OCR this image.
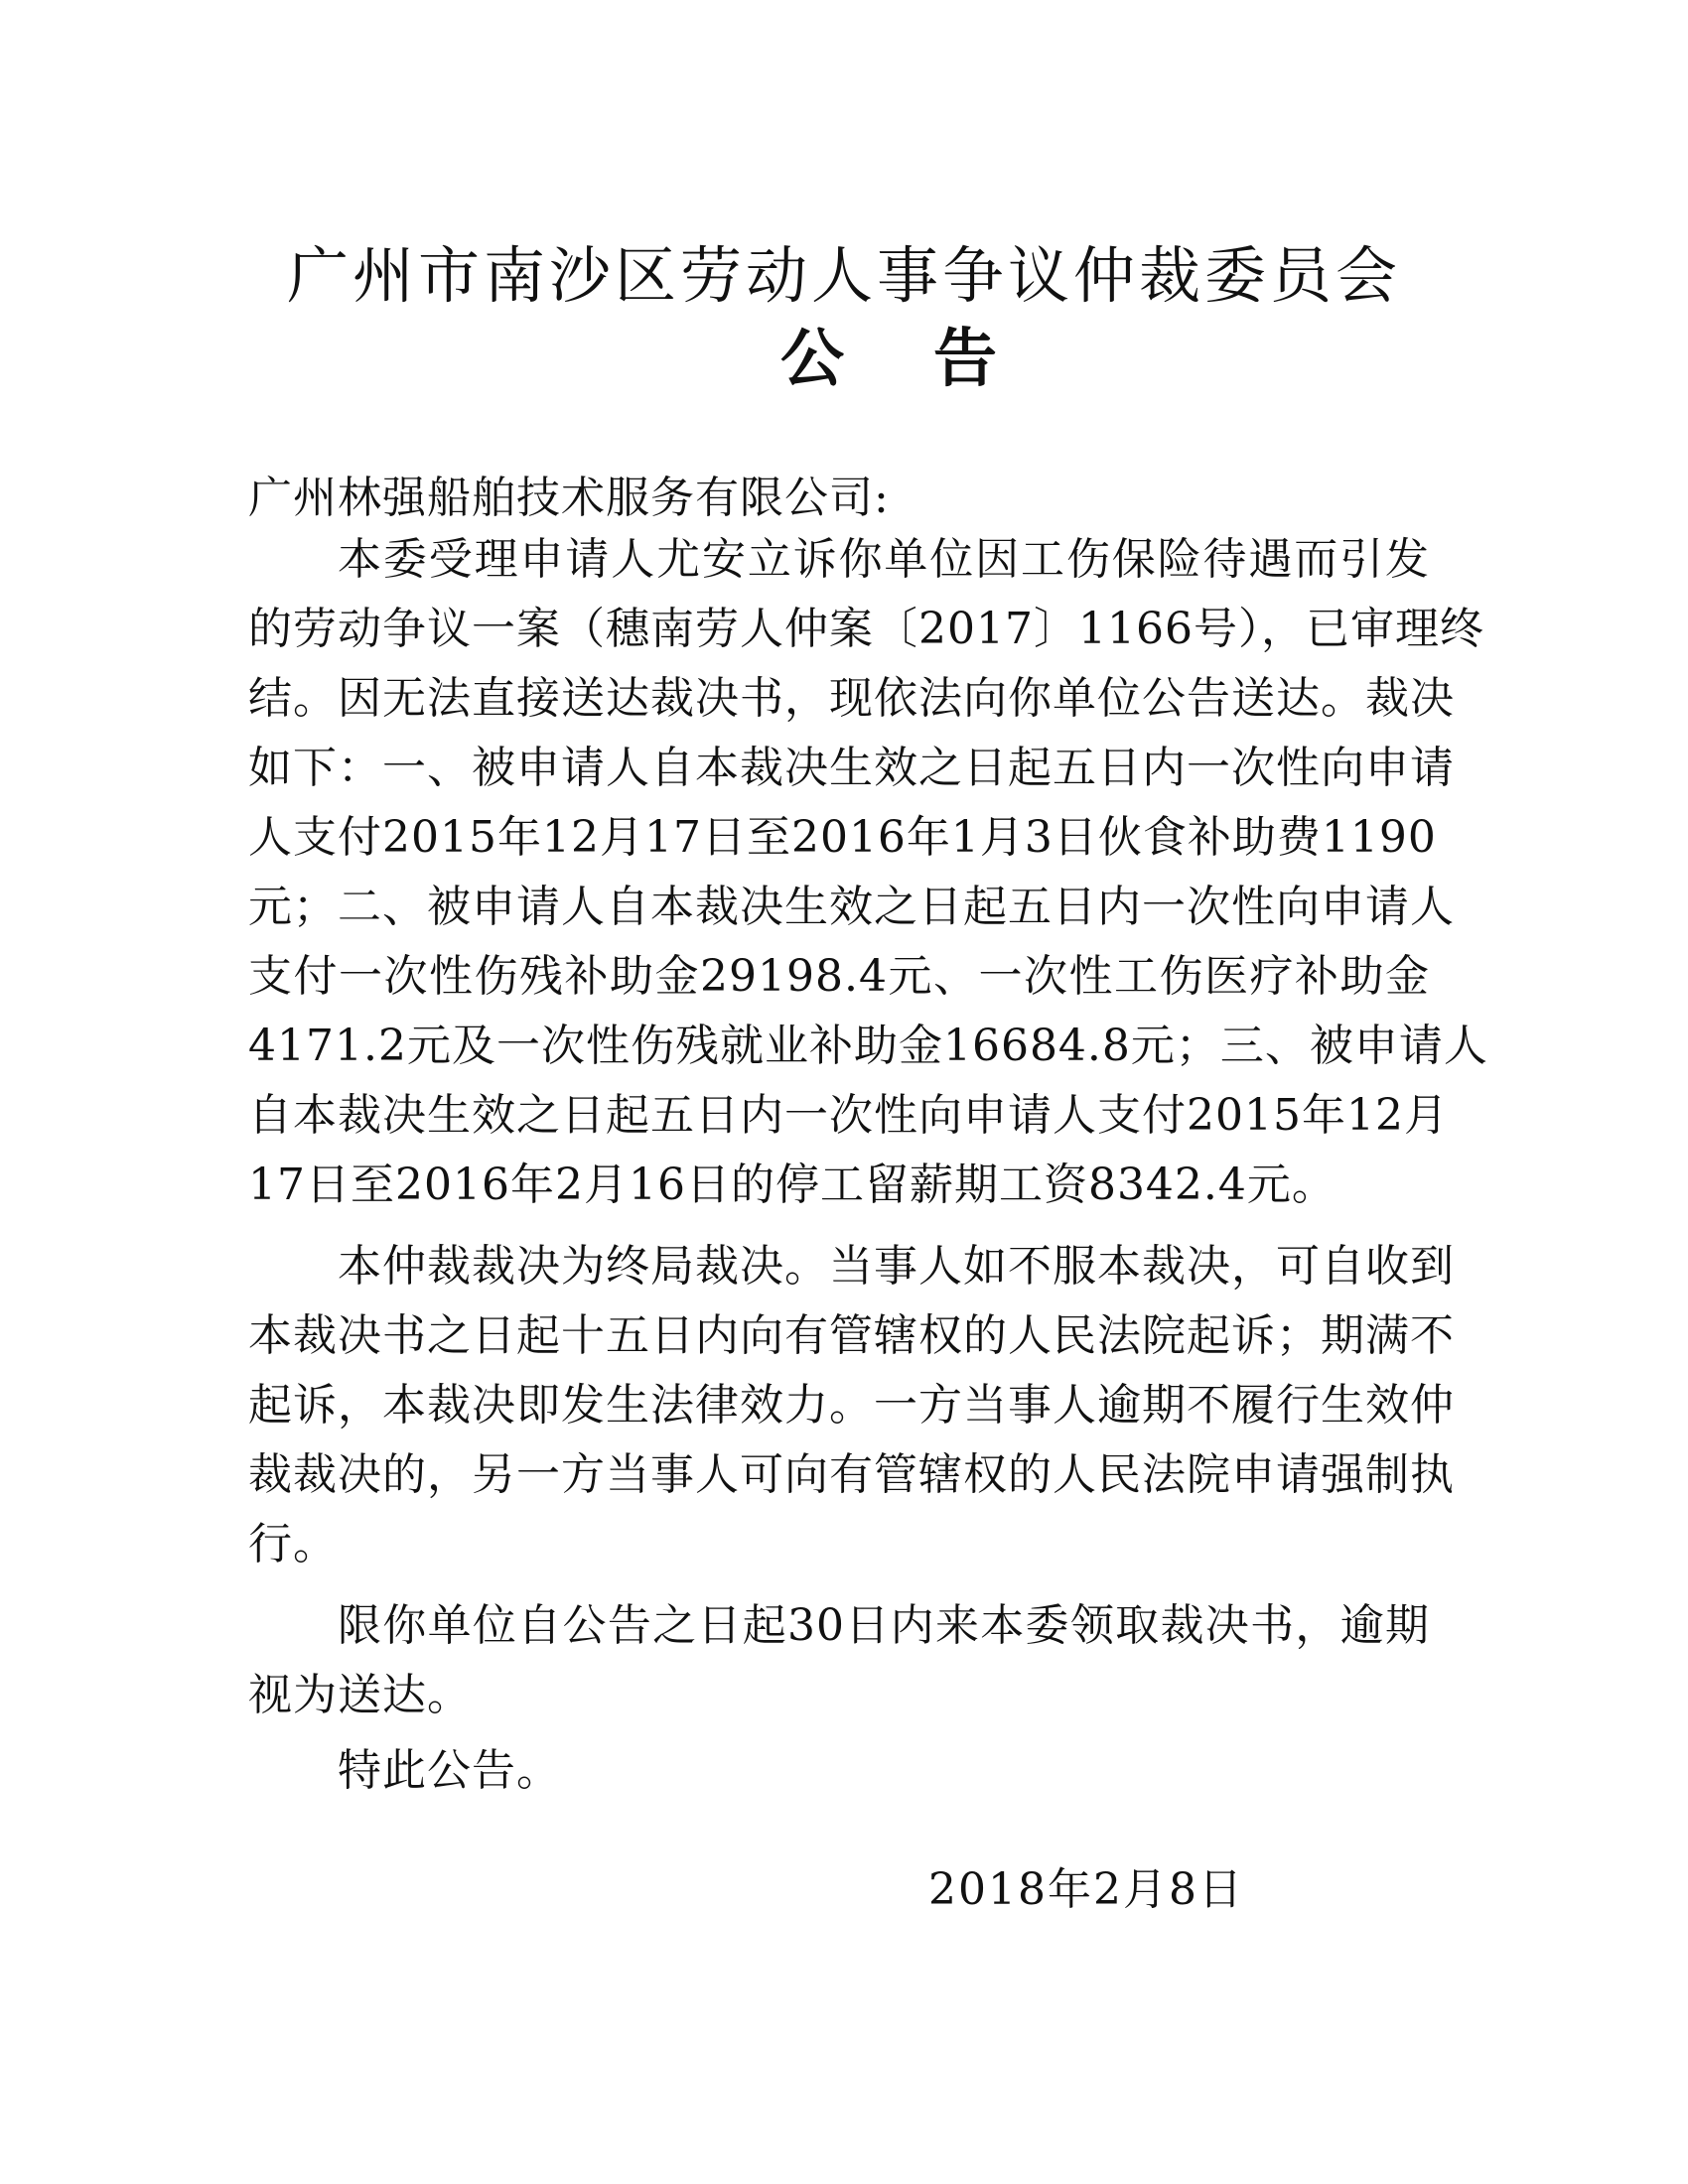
广州市南沙区劳动人事争议仲裁委员会
公告

广州林强船舶技术服务有限公司:

本委受理申请人尤安立诉你单位因工伤保险待遇而引发

的劳动争议一案（穗南劳人仲案〔2017〕1166号），已审理终

结。因无法直接送达裁决书，现依法向你单位公告送达。裁决

如下：一、被申请人自本裁决生效之日起五日内一次性向申请

人支付2015年12月17日至2016年1月3日伙食补助费1190

元；二、被申请人自本裁决生效之日起五日内一次性向申请人

支付一次性伤残补助金29198.4元、一次性工伤医疗补助金

4171.2元及一次性伤残就业补助金16684.8元；三、被申请人

自本裁决生效之日起五日内一次性向申请人支付2015年12月

17日至2016年2月16日的停工留薪期工资8342.4元。

本仲裁裁决为终局裁决。当事人如不服本裁决，可自收到

本裁决书之日起十五日内向有管辖权的人民法院起诉；期满不

起诉，本裁决即发生法律效力。一方当事人逾期不履行生效仲

裁裁决的，另一方当事人可向有管辖权的人民法院申请强制执

行。

限你单位自公告之日起30日内来本委领取裁决书，逾期

视为送达。

特此公告。

2018年2月8日
